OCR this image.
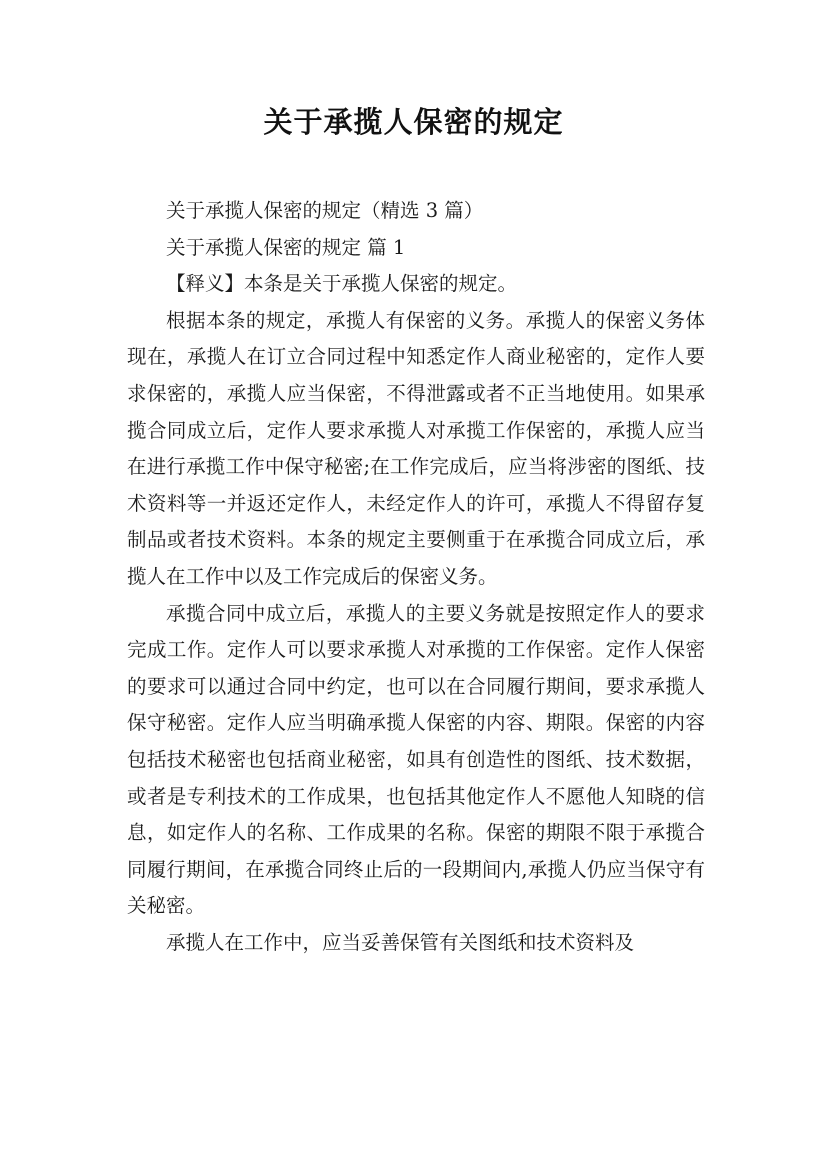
关于承揽人保密的规定

关于承揽人保密的规定（精选 3 篇）

关于承揽人保密的规定 篇 1

【释义】本条是关于承揽人保密的规定。

根据本条的规定，承揽人有保密的义务。承揽人的保密义务体现在，承揽人在订立合同过程中知悉定作人商业秘密的，定作人要求保密的，承揽人应当保密，不得泄露或者不正当地使用。如果承揽合同成立后，定作人要求承揽人对承揽工作保密的，承揽人应当在进行承揽工作中保守秘密;在工作完成后，应当将涉密的图纸、技术资料等一并返还定作人，未经定作人的许可，承揽人不得留存复制品或者技术资料。本条的规定主要侧重于在承揽合同成立后，承揽人在工作中以及工作完成后的保密义务。

承揽合同中成立后，承揽人的主要义务就是按照定作人的要求完成工作。定作人可以要求承揽人对承揽的工作保密。定作人保密的要求可以通过合同中约定，也可以在合同履行期间，要求承揽人保守秘密。定作人应当明确承揽人保密的内容、期限。保密的内容包括技术秘密也包括商业秘密，如具有创造性的图纸、技术数据，或者是专利技术的工作成果，也包括其他定作人不愿他人知晓的信息，如定作人的名称、工作成果的名称。保密的期限不限于承揽合同履行期间，在承揽合同终止后的一段期间内,承揽人仍应当保守有关秘密。

承揽人在工作中，应当妥善保管有关图纸和技术资料及
